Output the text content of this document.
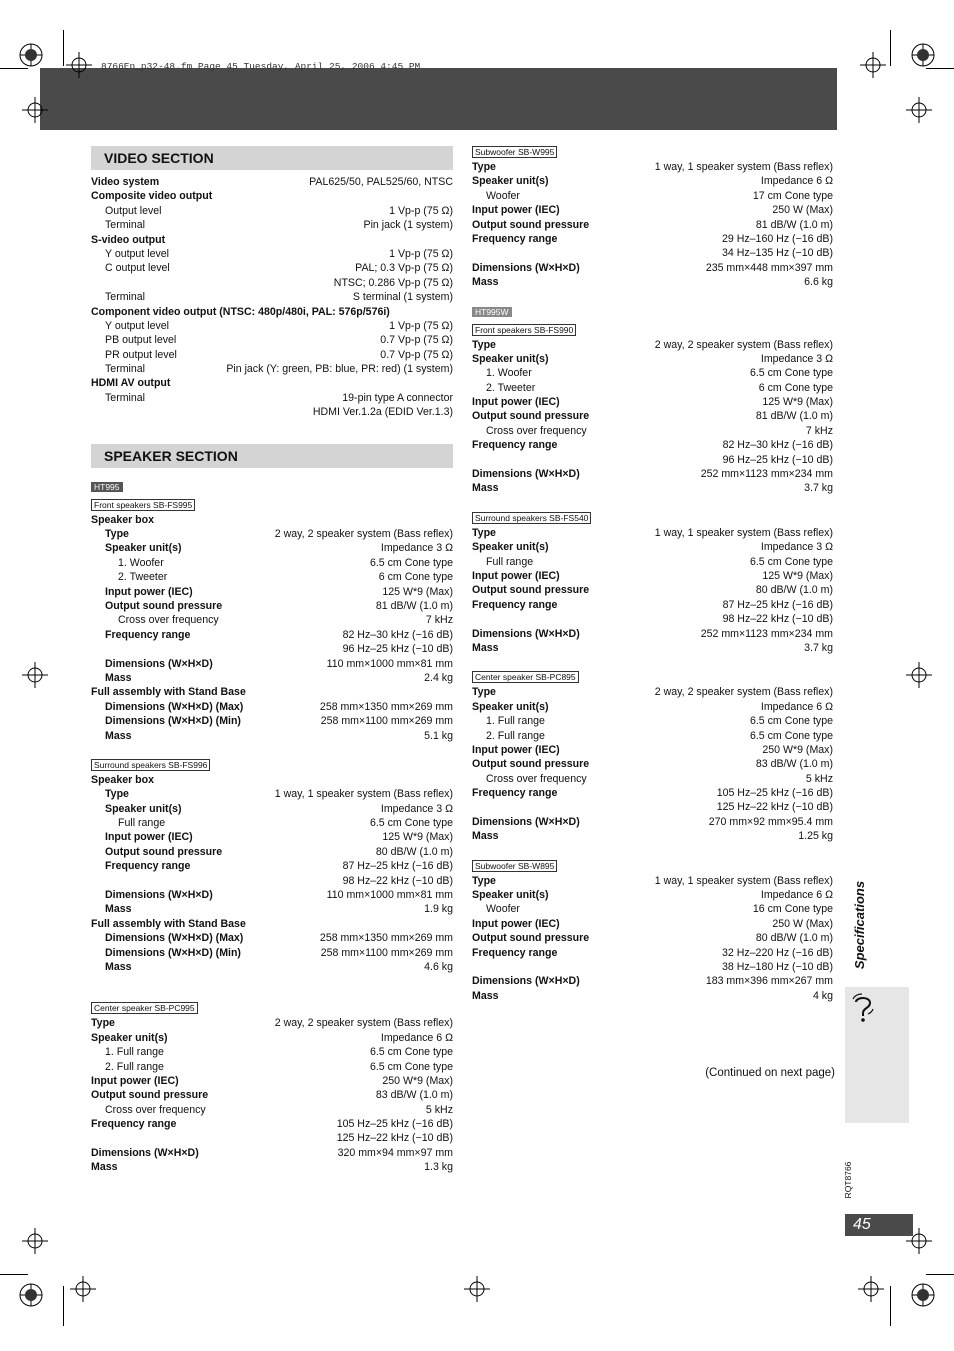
8766En_p32-48.fm Page 45 Tuesday, April 25, 2006 4:45 PM
VIDEO SECTION
Video system	PAL625/50, PAL525/60, NTSC
Composite video output
Output level	1 Vp-p (75 Ω)
Terminal	Pin jack (1 system)
S-video output
Y output level	1 Vp-p (75 Ω)
C output level	PAL; 0.3 Vp-p (75 Ω)
NTSC; 0.286 Vp-p (75 Ω)
Terminal	S terminal (1 system)
Component video output (NTSC: 480p/480i, PAL: 576p/576i)
Y output level	1 Vp-p (75 Ω)
PB output level	0.7 Vp-p (75 Ω)
PR output level	0.7 Vp-p (75 Ω)
Terminal	Pin jack (Y: green, PB: blue, PR: red) (1 system)
HDMI AV output
Terminal	19-pin type A connector
HDMI Ver.1.2a (EDID Ver.1.3)
SPEAKER SECTION
HT995
Front speakers SB-FS995
Speaker box
Type	2 way, 2 speaker system (Bass reflex)
Speaker unit(s)	Impedance 3 Ω
1. Woofer	6.5 cm Cone type
2. Tweeter	6 cm Cone type
Input power (IEC)	125 W*9 (Max)
Output sound pressure	81 dB/W (1.0 m)
Cross over frequency	7 kHz
Frequency range	82 Hz–30 kHz (−16 dB)
96 Hz–25 kHz (−10 dB)
Dimensions (W×H×D)	110 mm×1000 mm×81 mm
Mass	2.4 kg
Full assembly with Stand Base
Dimensions (W×H×D) (Max)	258 mm×1350 mm×269 mm
Dimensions (W×H×D) (Min)	258 mm×1100 mm×269 mm
Mass	5.1 kg
Surround speakers SB-FS996
Speaker box
Type	1 way, 1 speaker system (Bass reflex)
Speaker unit(s)	Impedance 3 Ω
Full range	6.5 cm Cone type
Input power (IEC)	125 W*9 (Max)
Output sound pressure	80 dB/W (1.0 m)
Frequency range	87 Hz–25 kHz (−16 dB)
98 Hz–22 kHz (−10 dB)
Dimensions (W×H×D)	110 mm×1000 mm×81 mm
Mass	1.9 kg
Full assembly with Stand Base
Dimensions (W×H×D) (Max)	258 mm×1350 mm×269 mm
Dimensions (W×H×D) (Min)	258 mm×1100 mm×269 mm
Mass	4.6 kg
Center speaker SB-PC995
Type	2 way, 2 speaker system (Bass reflex)
Speaker unit(s)	Impedance 6 Ω
1. Full range	6.5 cm Cone type
2. Full range	6.5 cm Cone type
Input power (IEC)	250 W*9 (Max)
Output sound pressure	83 dB/W (1.0 m)
Cross over frequency	5 kHz
Frequency range	105 Hz–25 kHz (−16 dB)
125 Hz–22 kHz (−10 dB)
Dimensions (W×H×D)	320 mm×94 mm×97 mm
Mass	1.3 kg
Subwoofer SB-W995
Type	1 way, 1 speaker system (Bass reflex)
Speaker unit(s)	Impedance 6 Ω
Woofer	17 cm Cone type
Input power (IEC)	250 W (Max)
Output sound pressure	81 dB/W (1.0 m)
Frequency range	29 Hz–160 Hz (−16 dB)
34 Hz–135 Hz (−10 dB)
Dimensions (W×H×D)	235 mm×448 mm×397 mm
Mass	6.6 kg
HT995W
Front speakers SB-FS990
Type	2 way, 2 speaker system (Bass reflex)
Speaker unit(s)	Impedance 3 Ω
1. Woofer	6.5 cm Cone type
2. Tweeter	6 cm Cone type
Input power (IEC)	125 W*9 (Max)
Output sound pressure	81 dB/W (1.0 m)
Cross over frequency	7 kHz
Frequency range	82 Hz–30 kHz (−16 dB)
96 Hz–25 kHz (−10 dB)
Dimensions (W×H×D)	252 mm×1123 mm×234 mm
Mass	3.7 kg
Surround speakers SB-FS540
Type	1 way, 1 speaker system (Bass reflex)
Speaker unit(s)	Impedance 3 Ω
Full range	6.5 cm Cone type
Input power (IEC)	125 W*9 (Max)
Output sound pressure	80 dB/W (1.0 m)
Frequency range	87 Hz–25 kHz (−16 dB)
98 Hz–22 kHz (−10 dB)
Dimensions (W×H×D)	252 mm×1123 mm×234 mm
Mass	3.7 kg
Center speaker SB-PC895
Type	2 way, 2 speaker system (Bass reflex)
Speaker unit(s)	Impedance 6 Ω
1. Full range	6.5 cm Cone type
2. Full range	6.5 cm Cone type
Input power (IEC)	250 W*9 (Max)
Output sound pressure	83 dB/W (1.0 m)
Cross over frequency	5 kHz
Frequency range	105 Hz–25 kHz (−16 dB)
125 Hz–22 kHz (−10 dB)
Dimensions (W×H×D)	270 mm×92 mm×95.4 mm
Mass	1.25 kg
Subwoofer SB-W895
Type	1 way, 1 speaker system (Bass reflex)
Speaker unit(s)	Impedance 6 Ω
Woofer	16 cm Cone type
Input power (IEC)	250 W (Max)
Output sound pressure	80 dB/W (1.0 m)
Frequency range	32 Hz–220 Hz (−16 dB)
38 Hz–180 Hz (−10 dB)
Dimensions (W×H×D)	183 mm×396 mm×267 mm
Mass	4 kg
(Continued on next page)
Specifications
RQT8766
45
